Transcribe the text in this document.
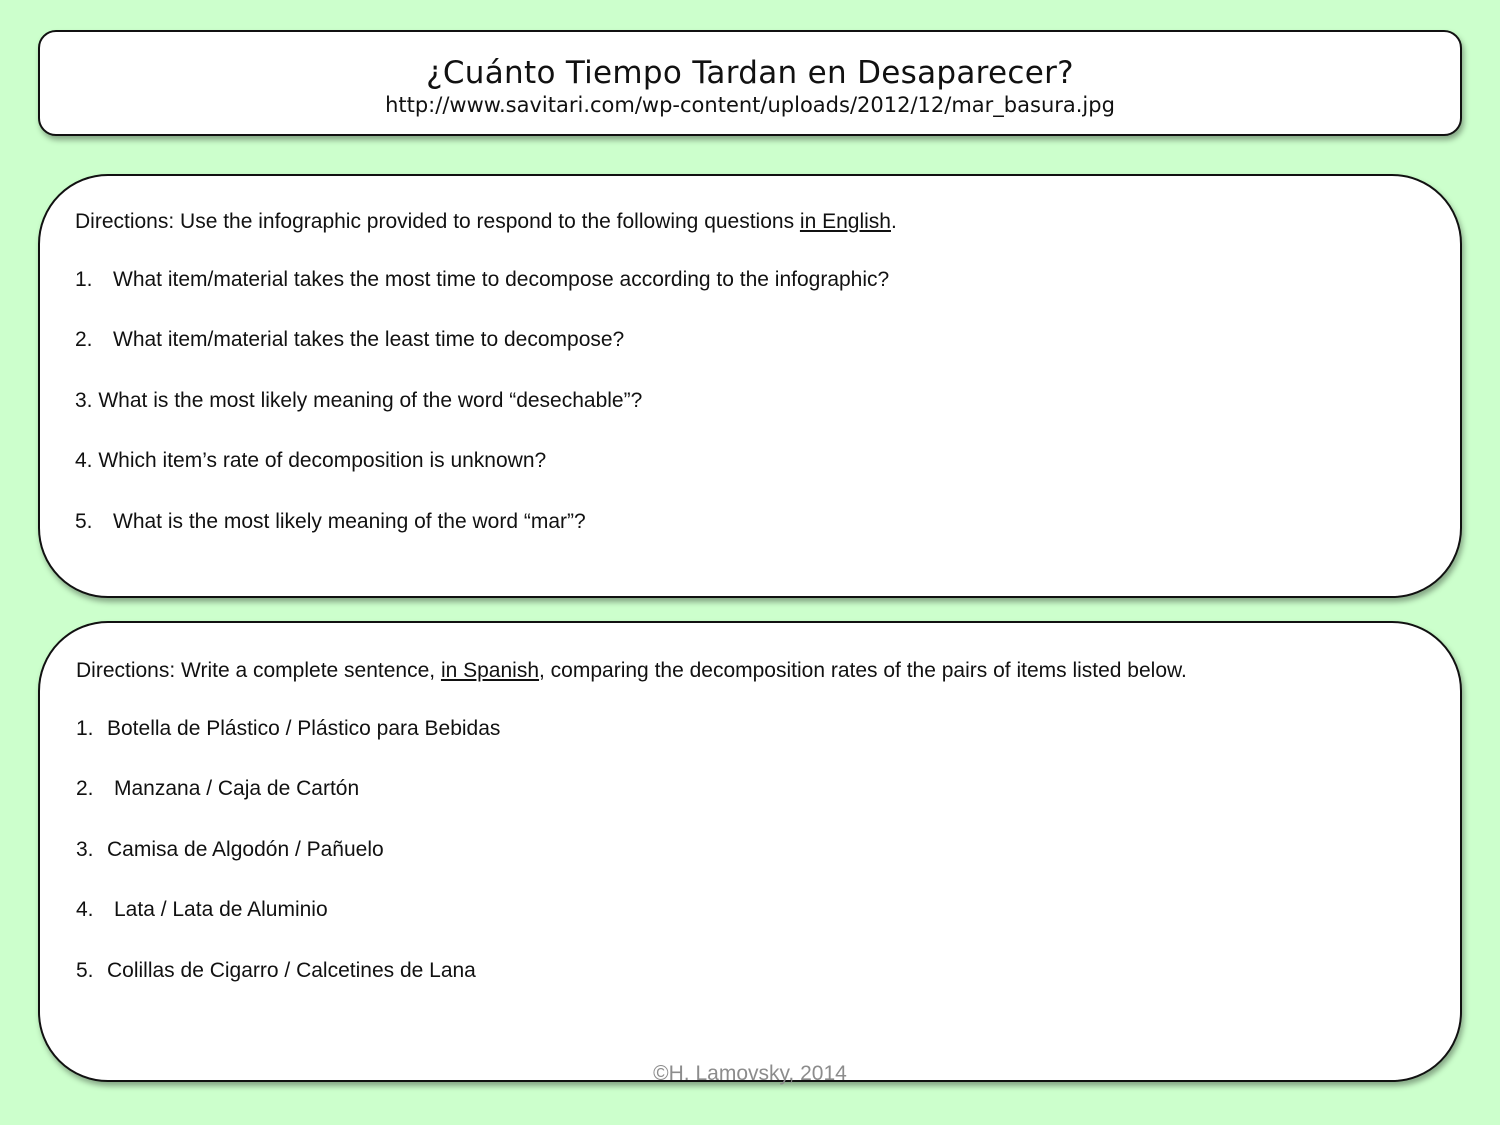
¿Cuánto Tiempo Tardan en Desaparecer?
http://www.savitari.com/wp-content/uploads/2012/12/mar_basura.jpg
Directions: Use the infographic provided to respond to the following questions in English.
1. What item/material takes the most time to decompose according to the infographic?
2. What item/material takes the least time to decompose?
3. What is the most likely meaning of the word “desechable”?
4. Which item’s rate of decomposition is unknown?
5. What is the most likely meaning of the word “mar”?
Directions: Write a complete sentence, in Spanish, comparing the decomposition rates of the pairs of items listed below.
1. Botella de Plástico / Plástico para Bebidas
2. Manzana / Caja de Cartón
3. Camisa de Algodón / Pañuelo
4. Lata / Lata de Aluminio
5. Colillas de Cigarro / Calcetines de Lana
©H. Lamovsky, 2014
